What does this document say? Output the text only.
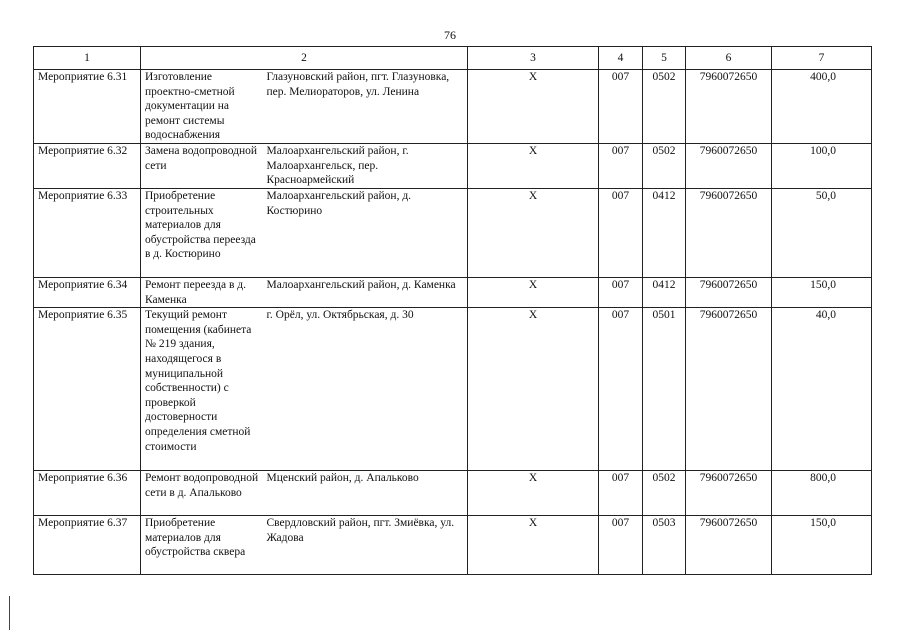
76
1	2		3	4	5	6	7
Мероприятие 6.31	Изготовление проектно-сметной документации на ремонт системы водоснабжения	Глазуновский район, пгт. Глазуновка, пер. Мелиораторов, ул. Ленина	Х	007	0502	7960072650	400,0
Мероприятие 6.32	Замена водопроводной сети	Малоархангельский район, г. Малоархангельск, пер. Красноармейский	Х	007	0502	7960072650	100,0
Мероприятие 6.33	Приобретение строительных материалов для обустройства переезда в д. Костюрино	Малоархангельский район, д. Костюрино	Х	007	0412	7960072650	50,0
Мероприятие 6.34	Ремонт переезда в д. Каменка	Малоархангельский район, д. Каменка	Х	007	0412	7960072650	150,0
Мероприятие 6.35	Текущий ремонт помещения (кабинета № 219 здания, находящегося в муниципальной собственности) с проверкой достоверности определения сметной стоимости	г. Орёл, ул. Октябрьская, д. 30	Х	007	0501	7960072650	40,0
Мероприятие 6.36	Ремонт водопроводной сети в д. Апальково	Мценский район, д. Апальково	Х	007	0502	7960072650	800,0
Мероприятие 6.37	Приобретение материалов для обустройства сквера	Свердловский район, пгт. Змиёвка, ул. Жадова	Х	007	0503	7960072650	150,0
